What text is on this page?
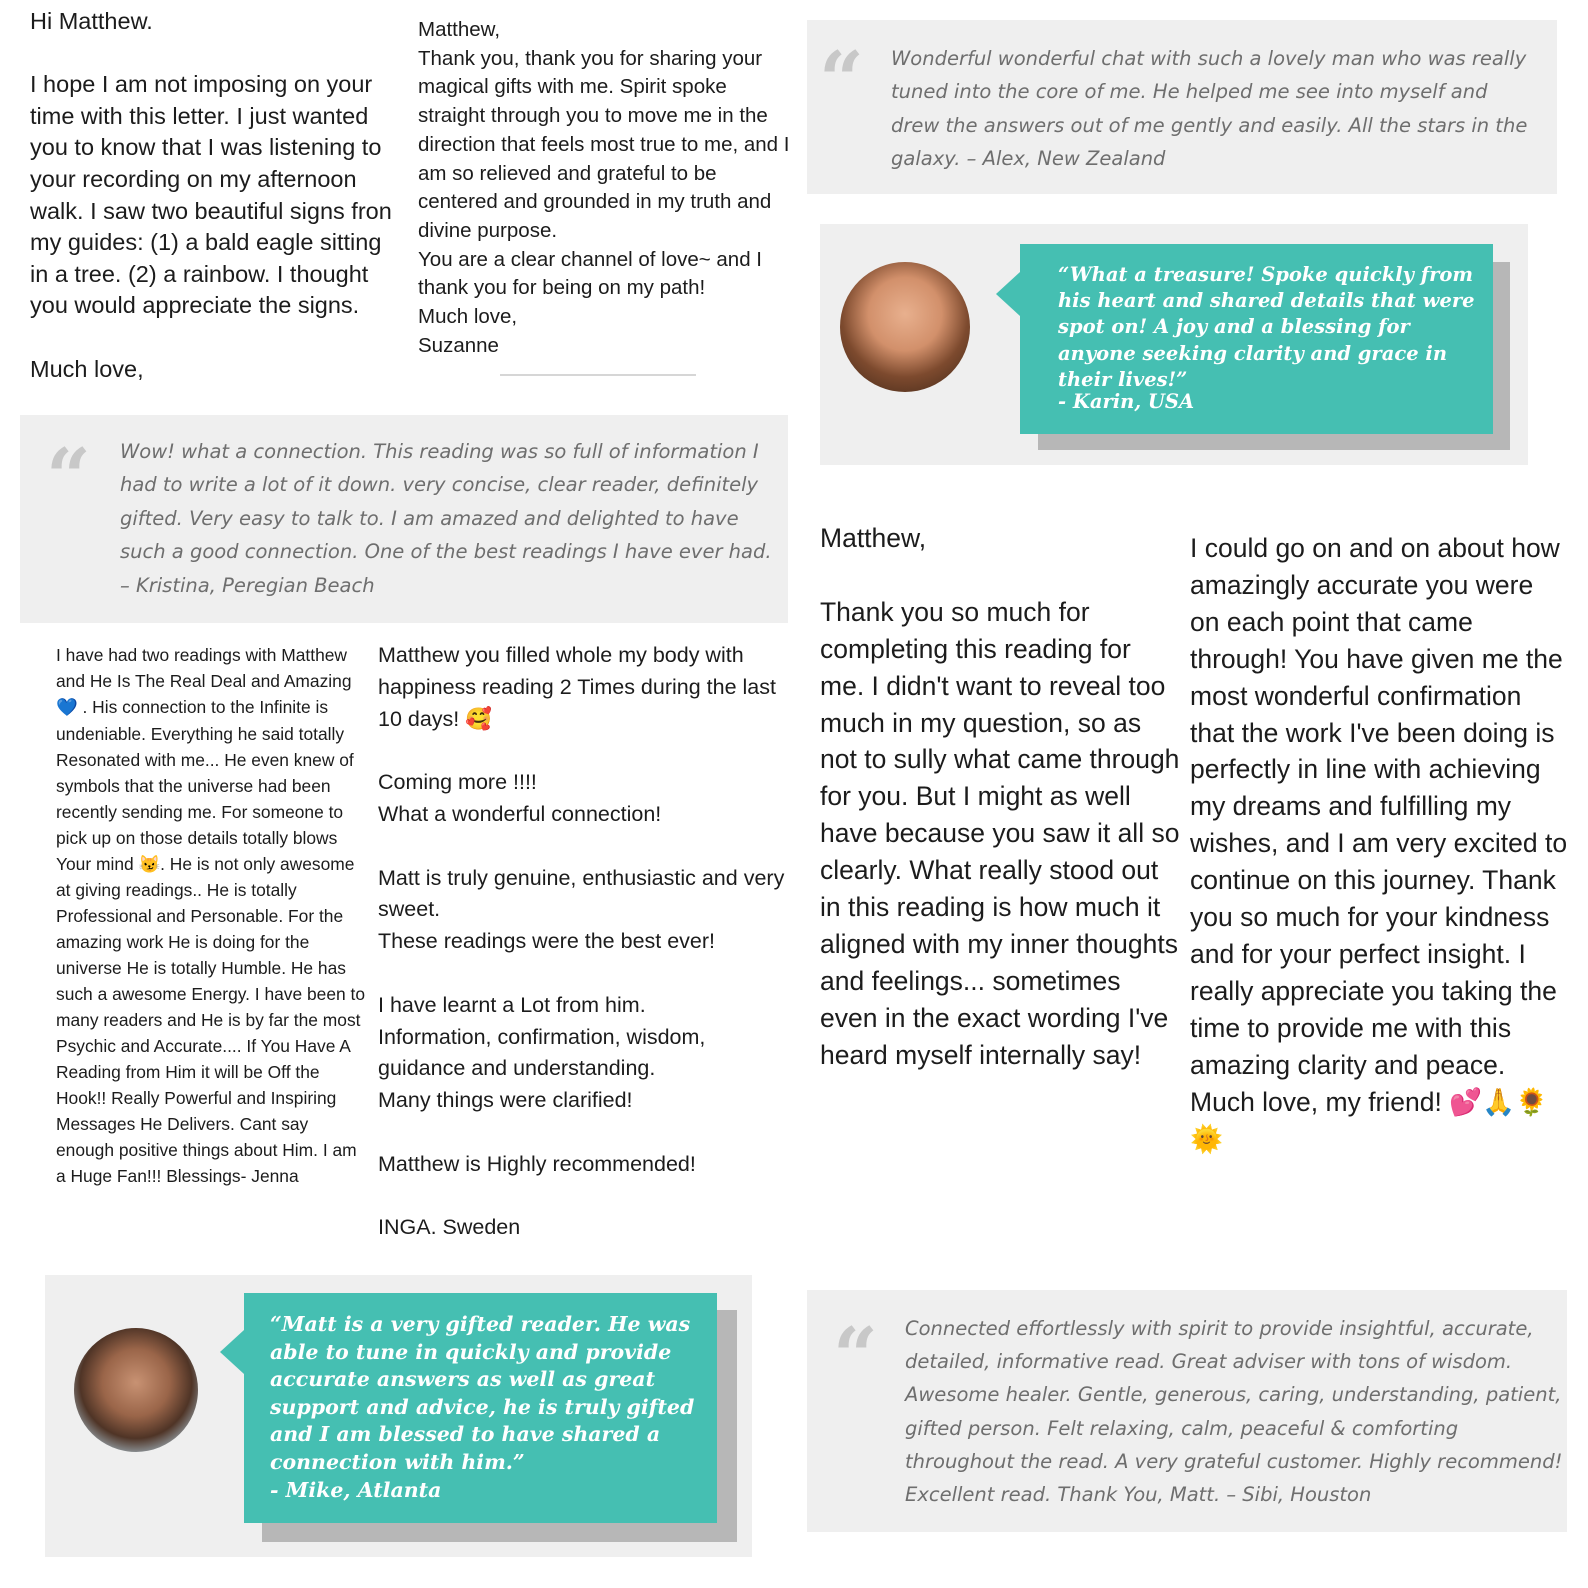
Hi Matthew.

I hope I am not imposing on your time with this letter. I just wanted you to know that I was listening to your recording on my afternoon walk. I saw two beautiful signs fron my guides: (1) a bald eagle sitting in a tree. (2) a rainbow. I thought you would appreciate the signs.

Much love,
Matthew,
Thank you, thank you for sharing your magical gifts with me. Spirit spoke straight through you to move me in the direction that feels most true to me, and I am so relieved and grateful to be centered and grounded in my truth and divine purpose.
You are a clear channel of love~ and I thank you for being on my path!
Much love,
Suzanne
“ Wonderful wonderful chat with such a lovely man who was really tuned into the core of me. He helped me see into myself and drew the answers out of me gently and easily. All the stars in the galaxy. – Alex, New Zealand
“What a treasure! Spoke quickly from his heart and shared details that were spot on! A joy and a blessing for anyone seeking clarity and grace in their lives!”
- Karin, USA
“ Wow! what a connection. This reading was so full of information I had to write a lot of it down. very concise, clear reader, definitely gifted. Very easy to talk to. I am amazed and delighted to have such a good connection. One of the best readings I have ever had. – Kristina, Peregian Beach
Matthew,

Thank you so much for completing this reading for me. I didn't want to reveal too much in my question, so as not to sully what came through for you. But I might as well have because you saw it all so clearly. What really stood out in this reading is how much it aligned with my inner thoughts and feelings... sometimes even in the exact wording I've heard myself internally say!
I could go on and on about how amazingly accurate you were on each point that came through! You have given me the most wonderful confirmation that the work I've been doing is perfectly in line with achieving my dreams and fulfilling my wishes, and I am very excited to continue on this journey. Thank you so much for your kindness and for your perfect insight. I really appreciate you taking the time to provide me with this amazing clarity and peace. Much love, my friend! 💕🙏🌻🌞
I have had two readings with Matthew and He Is The Real Deal and Amazing 💙 . His connection to the Infinite is undeniable. Everything he said totally Resonated with me... He even knew of symbols that the universe had been recently sending me. For someone to pick up on those details totally blows Your mind 😼. He is not only awesome at giving readings.. He is totally Professional and Personable. For the amazing work He is doing for the universe He is totally Humble. He has such a awesome Energy. I have been to many readers and He is by far the most Psychic and Accurate.... If You Have A Reading from Him it will be Off the Hook!! Really Powerful and Inspiring Messages He Delivers. Cant say enough positive things about Him. I am a Huge Fan!!! Blessings- Jenna
Matthew you filled whole my body with happiness reading 2 Times during the last 10 days! 🥰

Coming more !!!!
What a wonderful connection!

Matt is truly genuine, enthusiastic and very sweet.
These readings were the best ever!

I have learnt a Lot from him.
Information, confirmation, wisdom, guidance and understanding.
Many things were clarified!

Matthew is Highly recommended!

INGA. Sweden
“Matt is a very gifted reader. He was able to tune in quickly and provide accurate answers as well as great support and advice, he is truly gifted and I am blessed to have shared a connection with him.”
- Mike, Atlanta
“ Connected effortlessly with spirit to provide insightful, accurate, detailed, informative read. Great adviser with tons of wisdom. Awesome healer. Gentle, generous, caring, understanding, patient, gifted person. Felt relaxing, calm, peaceful & comforting throughout the read. A very grateful customer. Highly recommend! Excellent read. Thank You, Matt. – Sibi, Houston
